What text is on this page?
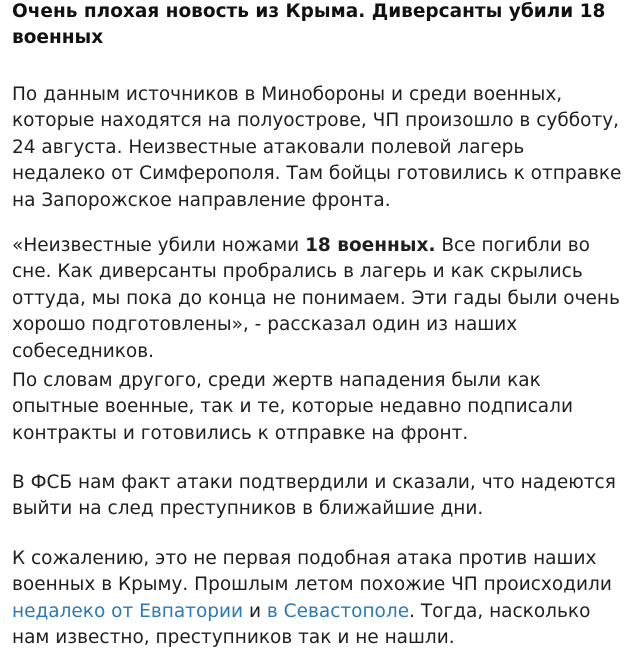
Очень плохая новость из Крыма. Диверсанты убили 18 военных

По данным источников в Минобороны и среди военных, которые находятся на полуострове, ЧП произошло в субботу, 24 августа. Неизвестные атаковали полевой лагерь недалеко от Симферополя. Там бойцы готовились к отправке на Запорожское направление фронта.

«Неизвестные убили ножами 18 военных. Все погибли во сне. Как диверсанты пробрались в лагерь и как скрылись оттуда, мы пока до конца не понимаем. Эти гады были очень хорошо подготовлены», - рассказал один из наших собеседников.

По словам другого, среди жертв нападения были как опытные военные, так и те, которые недавно подписали контракты и готовились к отправке на фронт.

В ФСБ нам факт атаки подтвердили и сказали, что надеются выйти на след преступников в ближайшие дни.

К сожалению, это не первая подобная атака против наших военных в Крыму. Прошлым летом похожие ЧП происходили недалеко от Евпатории и в Севастополе. Тогда, насколько нам известно, преступников так и не нашли.
